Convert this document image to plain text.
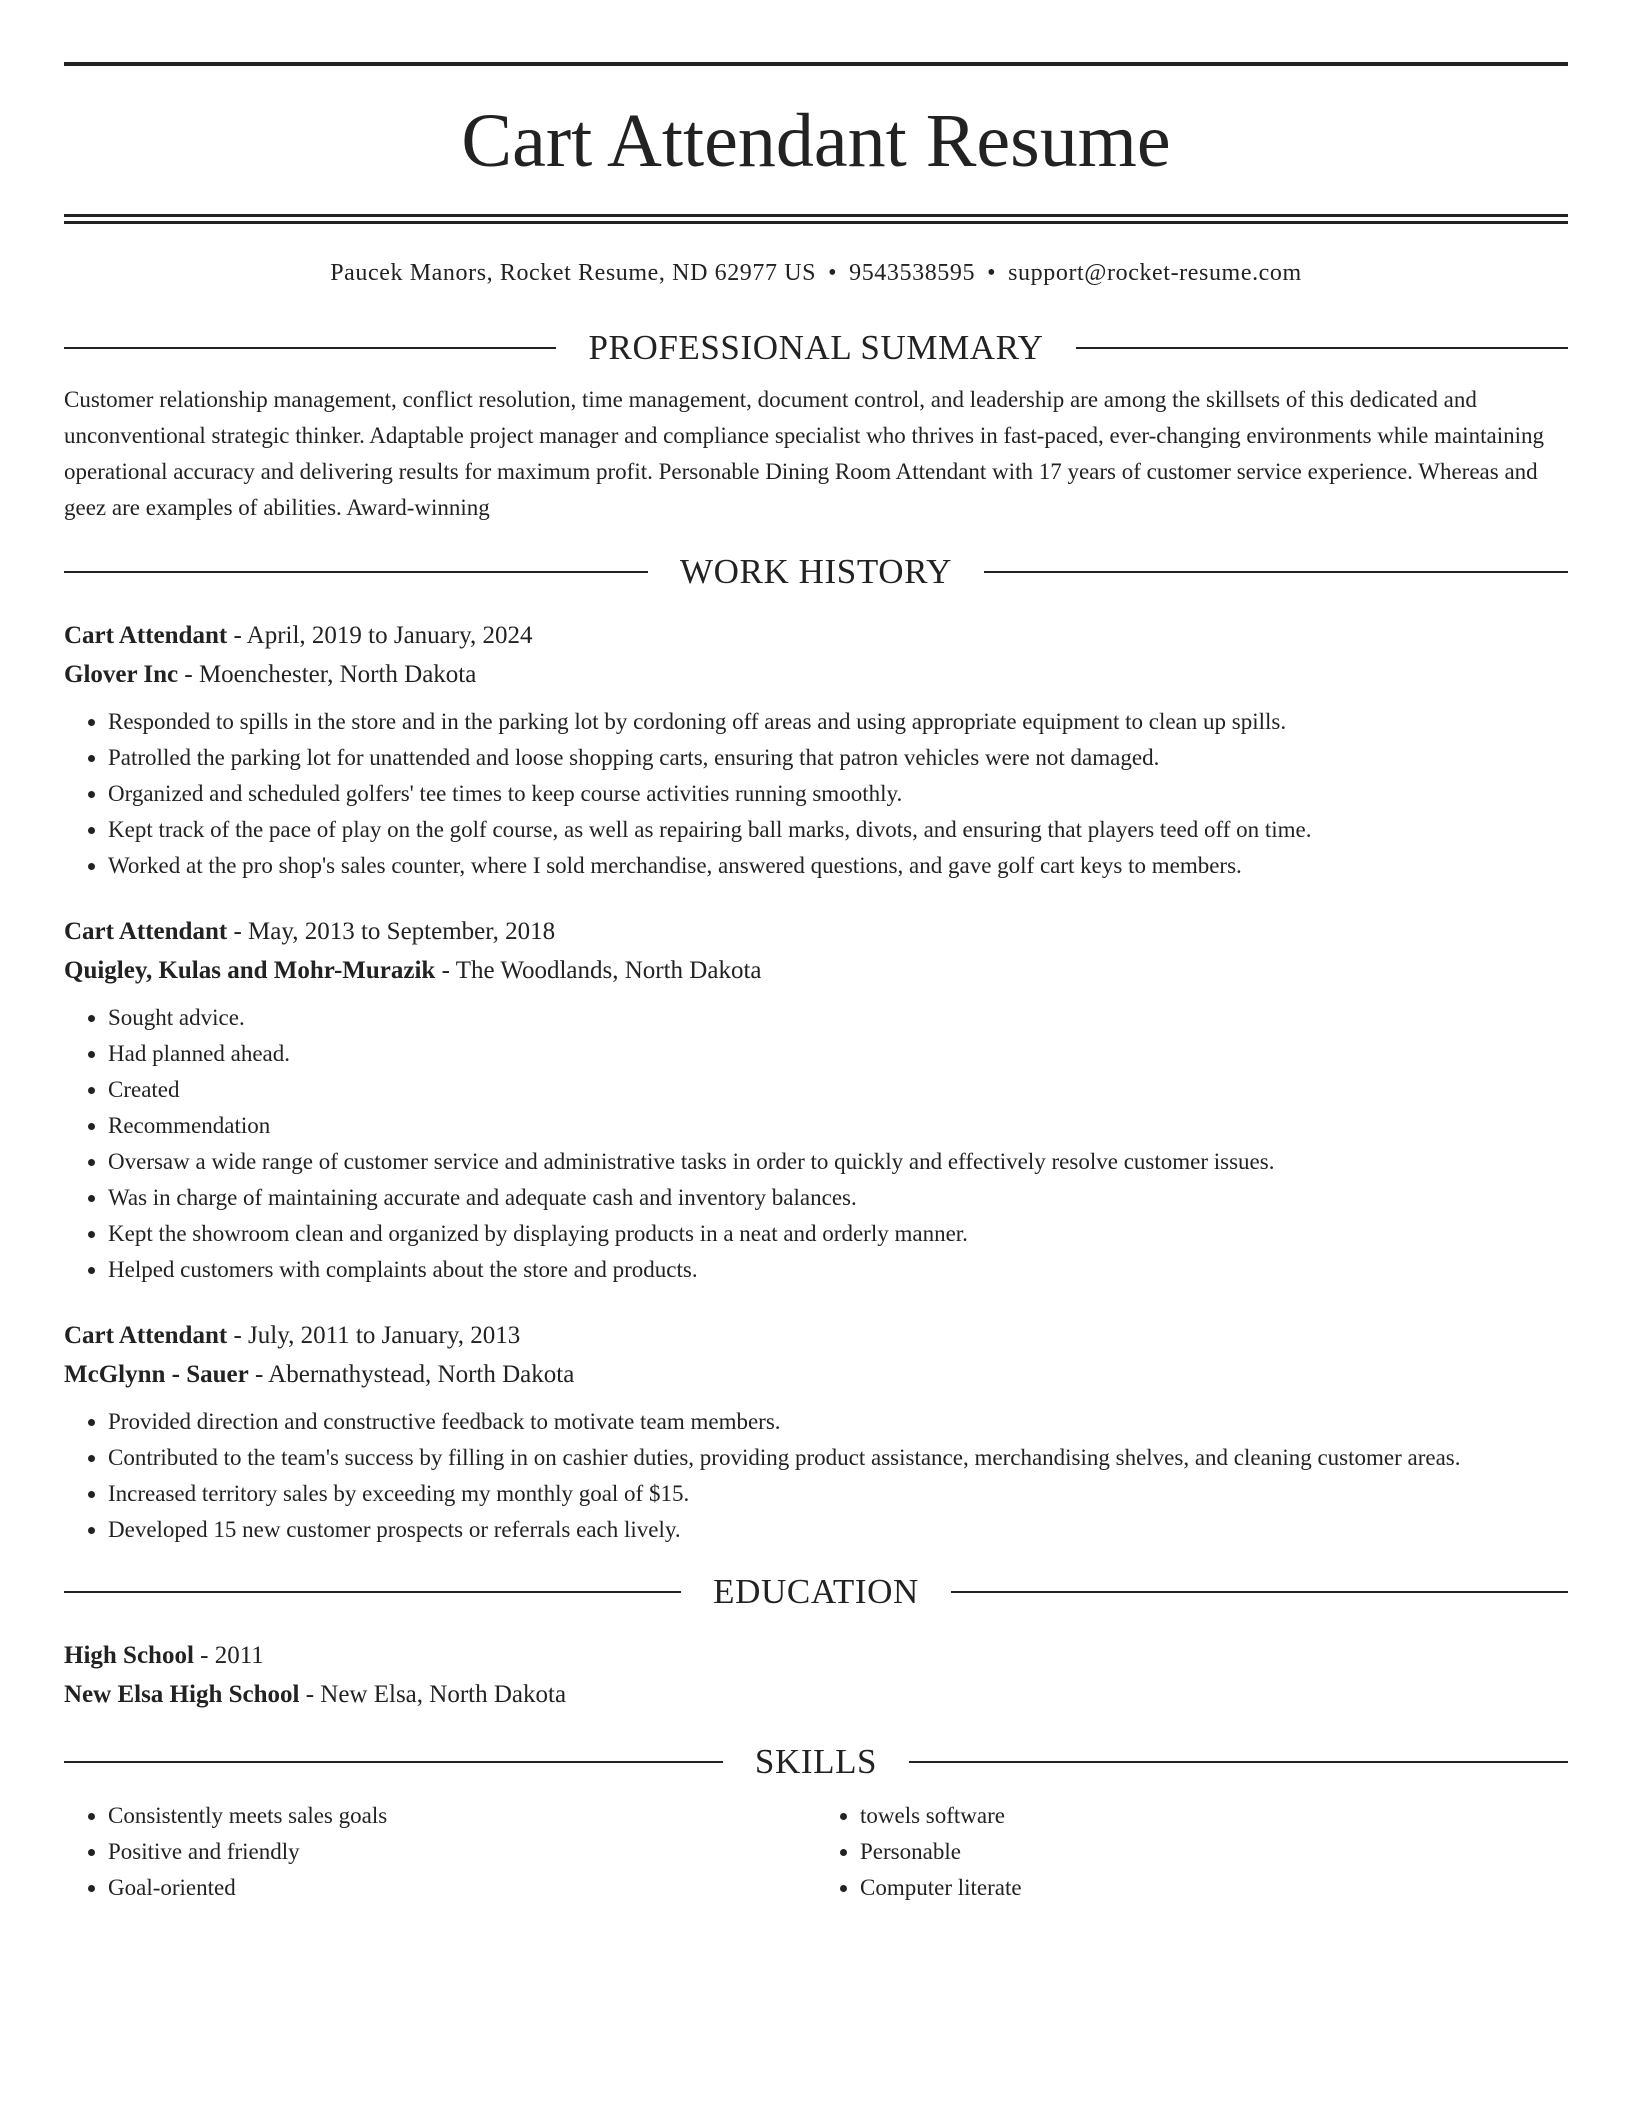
Cart Attendant Resume
Paucek Manors, Rocket Resume, ND 62977 US • 9543538595 • support@rocket-resume.com
PROFESSIONAL SUMMARY
Customer relationship management, conflict resolution, time management, document control, and leadership are among the skillsets of this dedicated and unconventional strategic thinker. Adaptable project manager and compliance specialist who thrives in fast-paced, ever-changing environments while maintaining operational accuracy and delivering results for maximum profit. Personable Dining Room Attendant with 17 years of customer service experience. Whereas and geez are examples of abilities. Award-winning
WORK HISTORY
Cart Attendant - April, 2019 to January, 2024
Glover Inc - Moenchester, North Dakota
• Responded to spills in the store and in the parking lot by cordoning off areas and using appropriate equipment to clean up spills.
• Patrolled the parking lot for unattended and loose shopping carts, ensuring that patron vehicles were not damaged.
• Organized and scheduled golfers' tee times to keep course activities running smoothly.
• Kept track of the pace of play on the golf course, as well as repairing ball marks, divots, and ensuring that players teed off on time.
• Worked at the pro shop's sales counter, where I sold merchandise, answered questions, and gave golf cart keys to members.
Cart Attendant - May, 2013 to September, 2018
Quigley, Kulas and Mohr-Murazik - The Woodlands, North Dakota
• Sought advice.
• Had planned ahead.
• Created
• Recommendation
• Oversaw a wide range of customer service and administrative tasks in order to quickly and effectively resolve customer issues.
• Was in charge of maintaining accurate and adequate cash and inventory balances.
• Kept the showroom clean and organized by displaying products in a neat and orderly manner.
• Helped customers with complaints about the store and products.
Cart Attendant - July, 2011 to January, 2013
McGlynn - Sauer - Abernathystead, North Dakota
• Provided direction and constructive feedback to motivate team members.
• Contributed to the team's success by filling in on cashier duties, providing product assistance, merchandising shelves, and cleaning customer areas.
• Increased territory sales by exceeding my monthly goal of $15.
• Developed 15 new customer prospects or referrals each lively.
EDUCATION
High School - 2011
New Elsa High School - New Elsa, North Dakota
SKILLS
• Consistently meets sales goals
• Positive and friendly
• Goal-oriented
• towels software
• Personable
• Computer literate
